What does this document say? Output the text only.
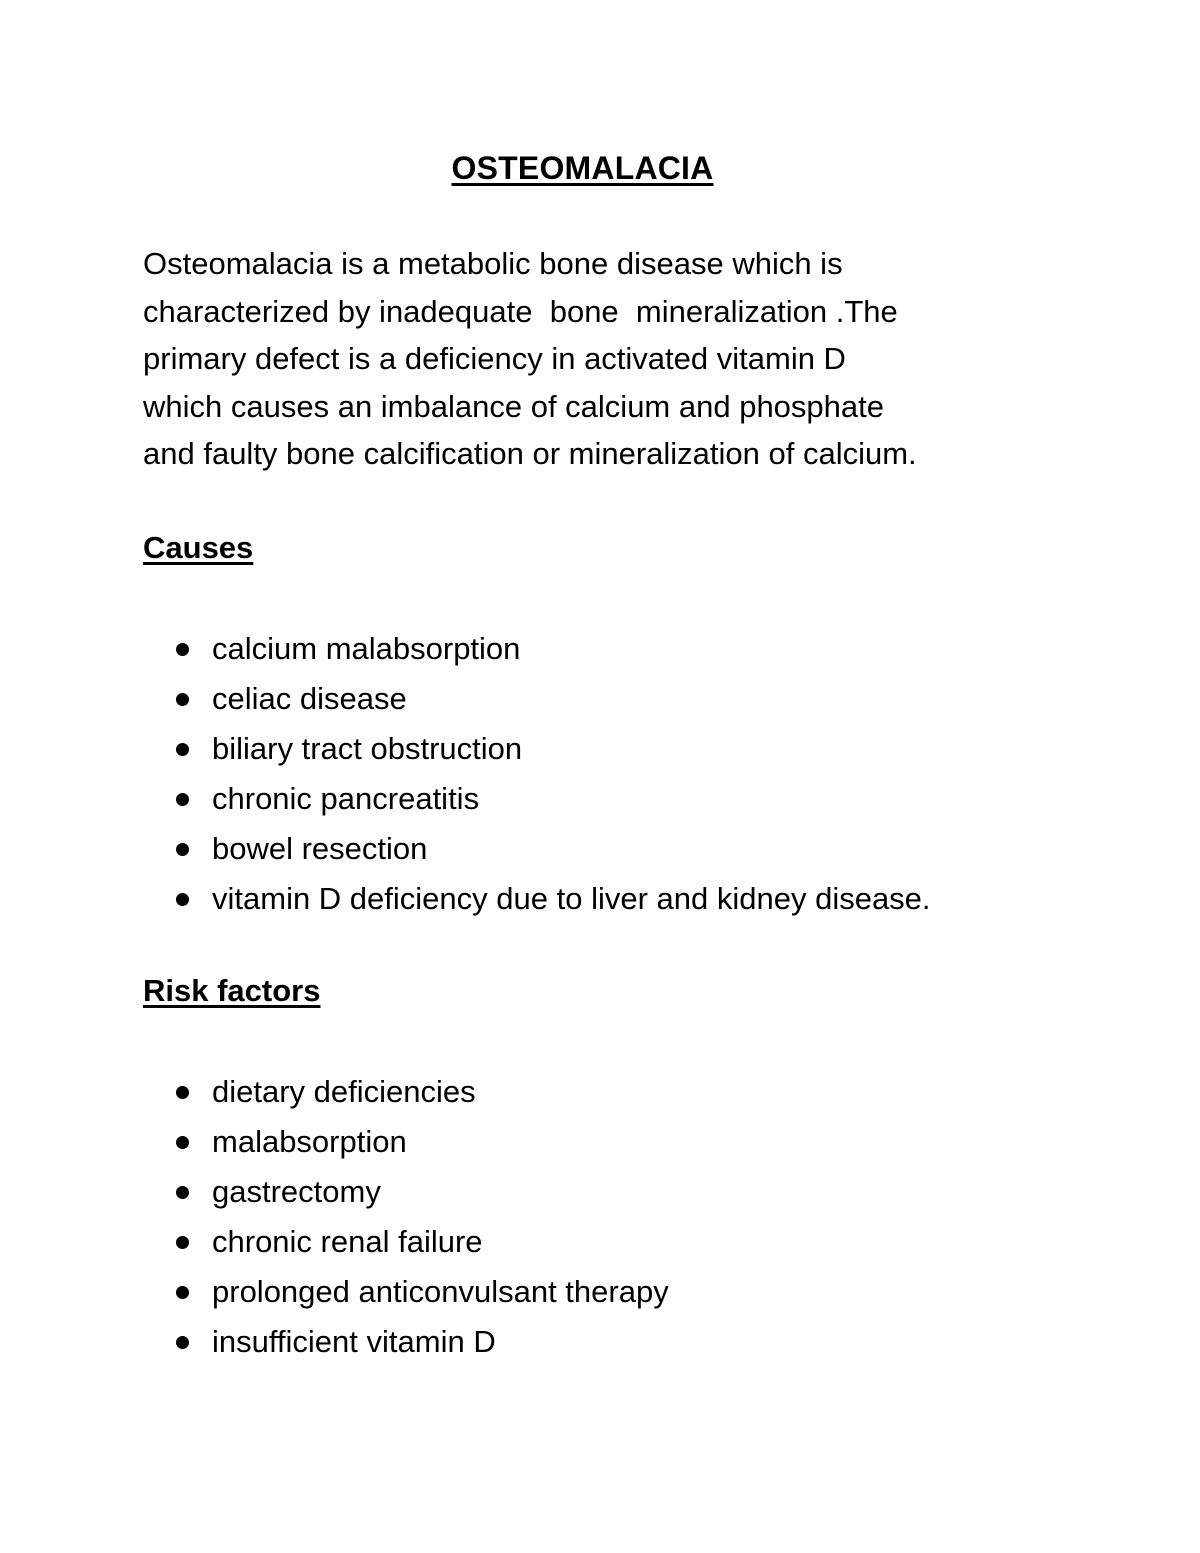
OSTEOMALACIA

Osteomalacia is a metabolic bone disease which is
characterized by inadequate  bone  mineralization .The
primary defect is a deficiency in activated vitamin D
which causes an imbalance of calcium and phosphate
and faulty bone calcification or mineralization of calcium.

Causes
calcium malabsorption
celiac disease
biliary tract obstruction
chronic pancreatitis
bowel resection
vitamin D deficiency due to liver and kidney disease.
Risk factors
dietary deficiencies
malabsorption
gastrectomy
chronic renal failure
prolonged anticonvulsant therapy
insufficient vitamin D
